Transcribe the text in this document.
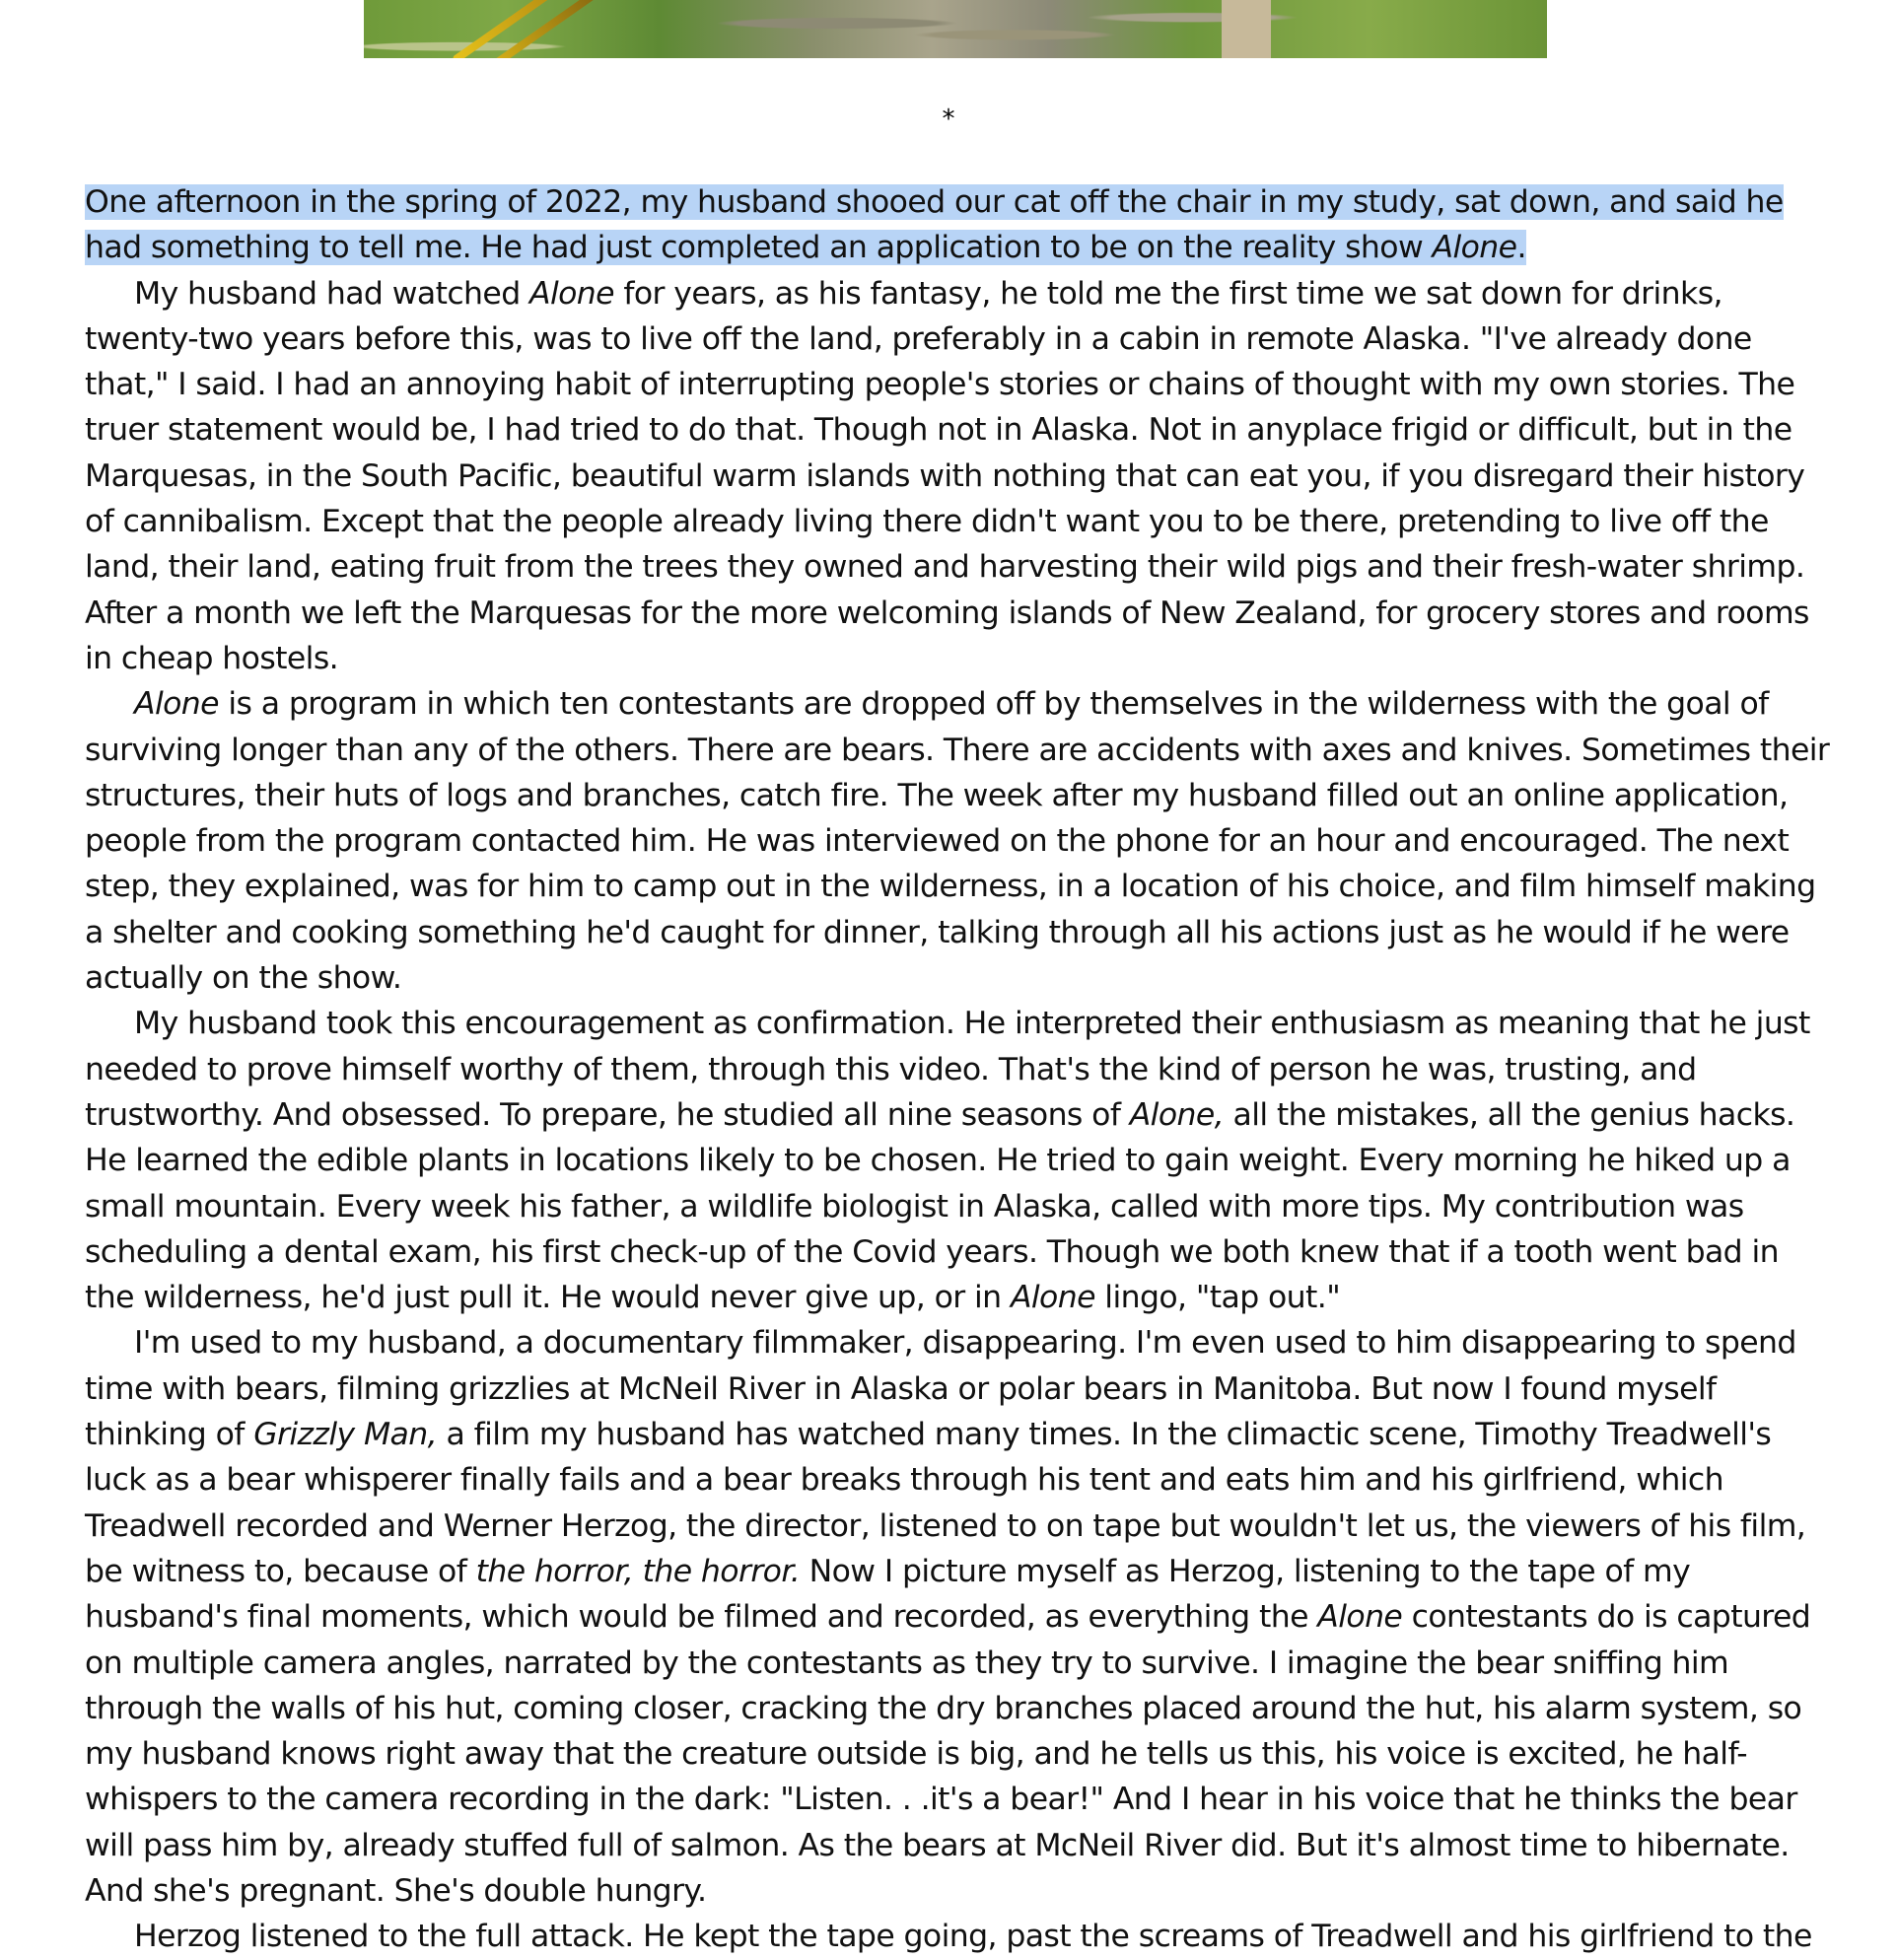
*

One afternoon in the spring of 2022, my husband shooed our cat off the chair in my study, sat down, and said he had something to tell me. He had just completed an application to be on the reality show Alone.

My husband had watched Alone for years, as his fantasy, he told me the first time we sat down for drinks, twenty-two years before this, was to live off the land, preferably in a cabin in remote Alaska. "I've already done that," I said. I had an annoying habit of interrupting people's stories or chains of thought with my own stories. The truer statement would be, I had tried to do that. Though not in Alaska. Not in anyplace frigid or difficult, but in the Marquesas, in the South Pacific, beautiful warm islands with nothing that can eat you, if you disregard their history of cannibalism. Except that the people already living there didn't want you to be there, pretending to live off the land, their land, eating fruit from the trees they owned and harvesting their wild pigs and their fresh-water shrimp. After a month we left the Marquesas for the more welcoming islands of New Zealand, for grocery stores and rooms in cheap hostels.

Alone is a program in which ten contestants are dropped off by themselves in the wilderness with the goal of surviving longer than any of the others. There are bears. There are accidents with axes and knives. Sometimes their structures, their huts of logs and branches, catch fire. The week after my husband filled out an online application, people from the program contacted him. He was interviewed on the phone for an hour and encouraged. The next step, they explained, was for him to camp out in the wilderness, in a location of his choice, and film himself making a shelter and cooking something he'd caught for dinner, talking through all his actions just as he would if he were actually on the show.

My husband took this encouragement as confirmation. He interpreted their enthusiasm as meaning that he just needed to prove himself worthy of them, through this video. That's the kind of person he was, trusting, and trustworthy. And obsessed. To prepare, he studied all nine seasons of Alone, all the mistakes, all the genius hacks. He learned the edible plants in locations likely to be chosen. He tried to gain weight. Every morning he hiked up a small mountain. Every week his father, a wildlife biologist in Alaska, called with more tips. My contribution was scheduling a dental exam, his first check-up of the Covid years. Though we both knew that if a tooth went bad in the wilderness, he'd just pull it. He would never give up, or in Alone lingo, "tap out."

I'm used to my husband, a documentary filmmaker, disappearing. I'm even used to him disappearing to spend time with bears, filming grizzlies at McNeil River in Alaska or polar bears in Manitoba. But now I found myself thinking of Grizzly Man, a film my husband has watched many times. In the climactic scene, Timothy Treadwell's luck as a bear whisperer finally fails and a bear breaks through his tent and eats him and his girlfriend, which Treadwell recorded and Werner Herzog, the director, listened to on tape but wouldn't let us, the viewers of his film, be witness to, because of the horror, the horror. Now I picture myself as Herzog, listening to the tape of my husband's final moments, which would be filmed and recorded, as everything the Alone contestants do is captured on multiple camera angles, narrated by the contestants as they try to survive. I imagine the bear sniffing him through the walls of his hut, coming closer, cracking the dry branches placed around the hut, his alarm system, so my husband knows right away that the creature outside is big, and he tells us this, his voice is excited, he half-whispers to the camera recording in the dark: "Listen. . .it's a bear!" And I hear in his voice that he thinks the bear will pass him by, already stuffed full of salmon. As the bears at McNeil River did. But it's almost time to hibernate. And she's pregnant. She's double hungry.

Herzog listened to the full attack. He kept the tape going, past the screams of Treadwell and his girlfriend to the
